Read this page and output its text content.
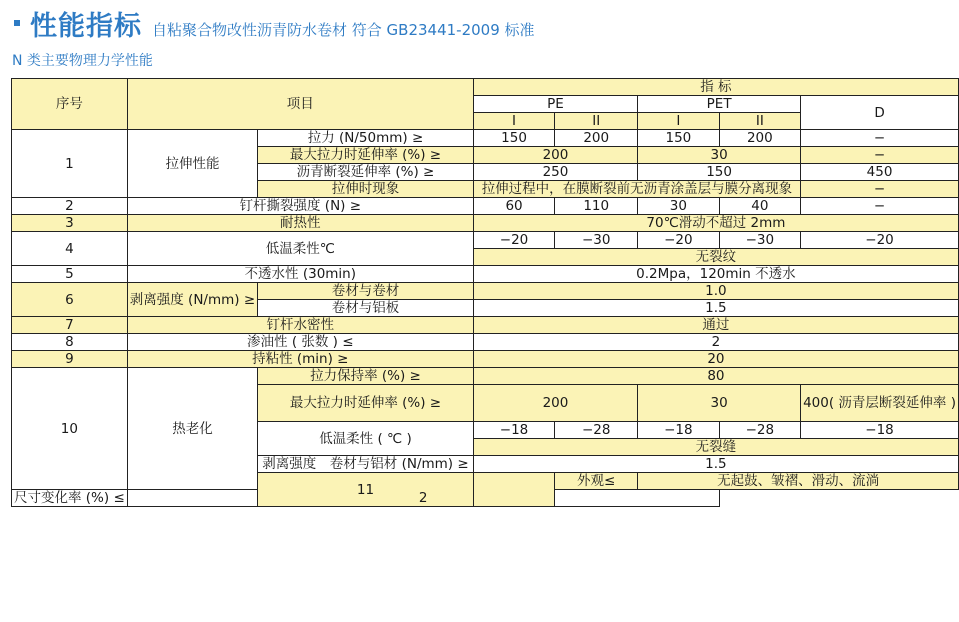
性能指标 自粘聚合物改性沥青防水卷材 符合 GB23441-2009 标准
N 类主要物理力学性能
序号	项目		指 标				
			PE		PET		D
			I	II	I	II	
1	拉伸性能	拉力 (N/50mm) ≥	150	200	150	200	−
		最大拉力时延伸率 (%) ≥	200		30		−
		沥青断裂延伸率 (%) ≥	250		150		450
		拉伸时现象	拉伸过程中，在膜断裂前无沥青涂盖层与膜分离现象				−
2	钉杆撕裂强度 (N) ≥		60	110	30	40	−
3	耐热性		70℃滑动不超过 2mm				
4	低温柔性℃		−20	−30	−20	−30	−20
			无裂纹				
5	不透水性 (30min)		0.2Mpa，120min 不透水				
6	剥离强度 (N/mm) ≥	卷材与卷材	1.0				
		卷材与铝板	1.5				
7	钉杆水密性		通过				
8	渗油性 ( 张数 ) ≤		2				
9	持粘性 (min) ≥		20				
10	热老化	拉力保持率 (%) ≥	80				
		最大拉力时延伸率 (%) ≥	200		30		400( 沥青层断裂延伸率 )
		低温柔性 ( ℃ )	−18	−28	−18	−28	−18
			无裂缝				
		剥离强度　卷材与铝材 (N/mm) ≥	1.5				
		11		外观≤	无起鼓、皱褶、滑动、流淌		
尺寸变化率 (%) ≤	2						
